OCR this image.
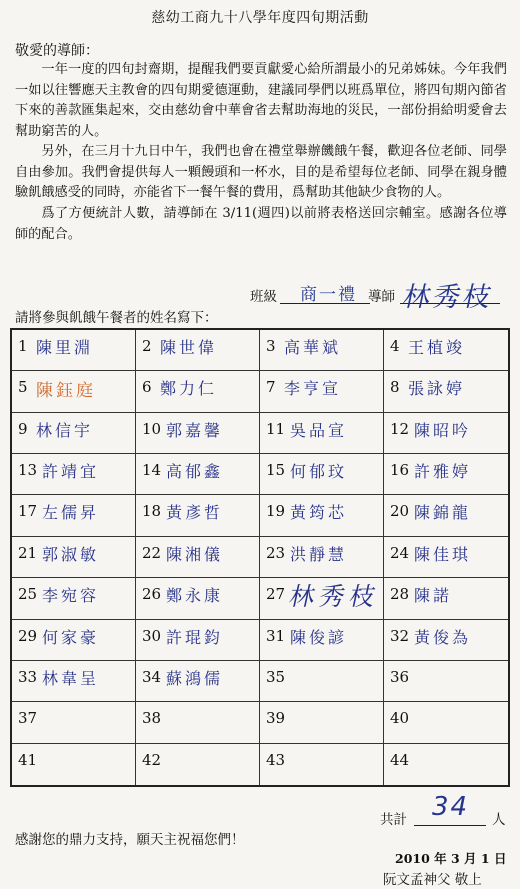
慈幼工商九十八學年度四旬期活動
敬愛的導師：
一年一度的四旬封齋期，提醒我們要貢獻愛心給所謂最小的兄弟姊妹。今年我們一如以往響應天主教會的四旬期愛德運動，建議同學們以班爲單位，將四旬期內節省下來的善款匯集起來，交由慈幼會中華會省去幫助海地的災民，一部份捐給明愛會去幫助窮苦的人。
另外，在三月十九日中午，我們也會在禮堂舉辦饑餓午餐，歡迎各位老師、同學自由參加。我們會提供每人一顆饅頭和一杯水，目的是希望每位老師、同學在親身體驗飢餓感受的同時，亦能省下一餐午餐的費用，爲幫助其他缺少食物的人。
爲了方便統計人數，請導師在 3/11(週四)以前將表格送回宗輔室。感謝各位導師的配合。
請將參與飢餓午餐者的姓名寫下：
班級 商一禮 導師 林秀枝
1 陳里淵	2 陳世偉	3 高華斌	4 王植竣
5 陳鈺庭	6 鄭力仁	7 李亨宣	8 張詠婷
9 林信宇	10 郭嘉馨	11 吳品宣	12 陳昭吟
13 許靖宜	14 高郁鑫	15 何郁玟	16 許雅婷
17 左儒昇	18 黃彥哲	19 黃筠芯	20 陳錦龍
21 郭淑敏	22 陳湘儀	23 洪靜慧	24 陳佳琪
25 李宛容	26 鄭永康	27 林秀枝 28 陳諾
29 何家豪	30 許琨鈞	31 陳俊諺	32 黃俊為
33 林韋呈	34 蘇鴻儒	35	36
37	38	39	40
41	42	43	44
共計 34 人
感謝您的鼎力支持，願天主祝福您們！
2010 年 3 月 1 日
阮文孟神父 敬上
